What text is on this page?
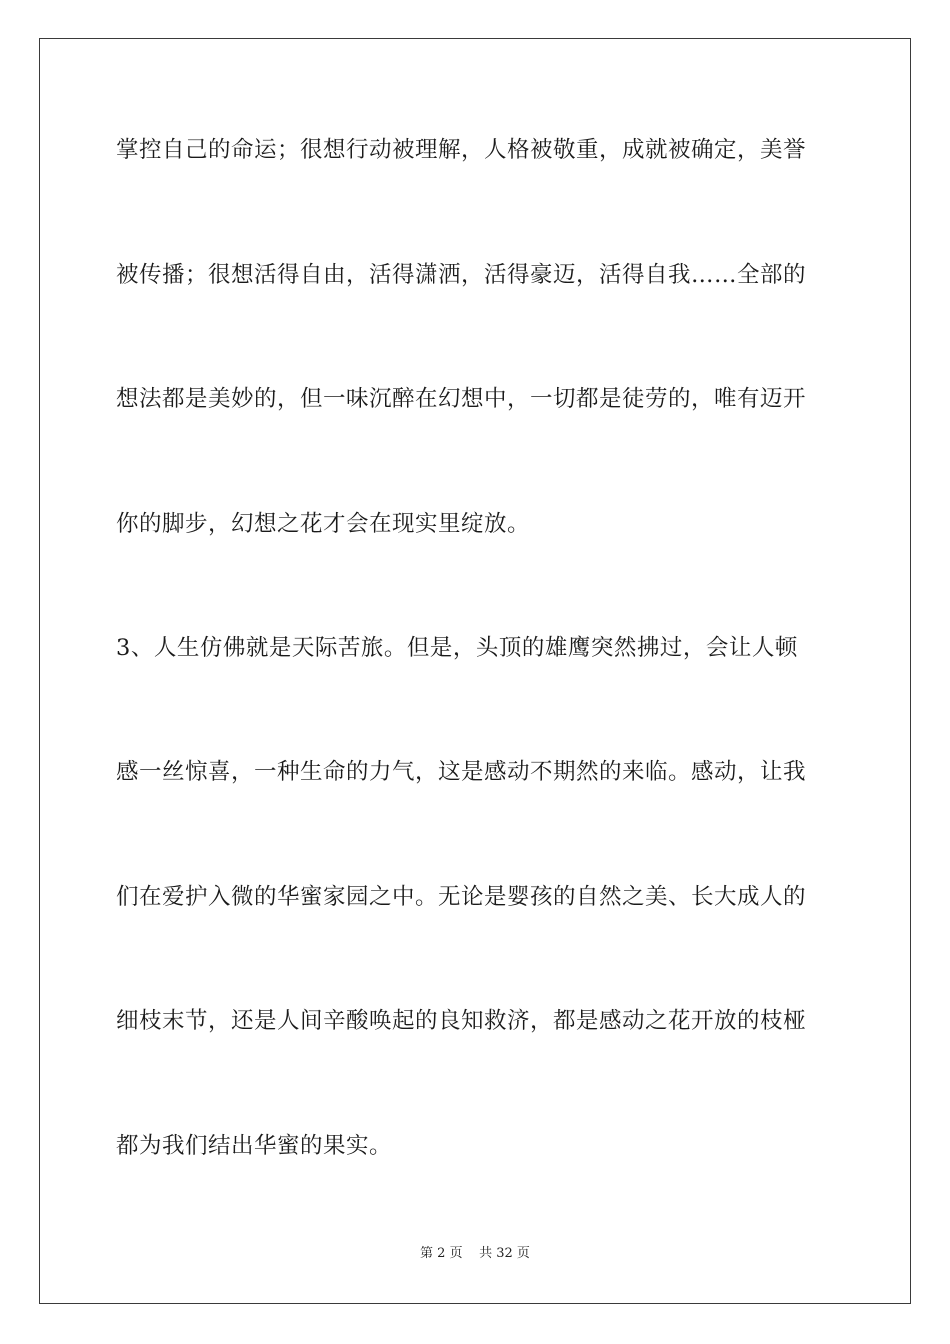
掌控自己的命运；很想行动被理解，人格被敬重，成就被确定，美誉
被传播；很想活得自由，活得潇洒，活得豪迈，活得自我……全部的
想法都是美妙的，但一味沉醉在幻想中，一切都是徒劳的，唯有迈开
你的脚步，幻想之花才会在现实里绽放。
3、人生仿佛就是天际苦旅。但是，头顶的雄鹰突然拂过，会让人顿
感一丝惊喜，一种生命的力气，这是感动不期然的来临。感动，让我
们在爱护入微的华蜜家园之中。无论是婴孩的自然之美、长大成人的
细枝末节，还是人间辛酸唤起的良知救济，都是感动之花开放的枝桠
都为我们结出华蜜的果实。
第 2 页 共 32 页
